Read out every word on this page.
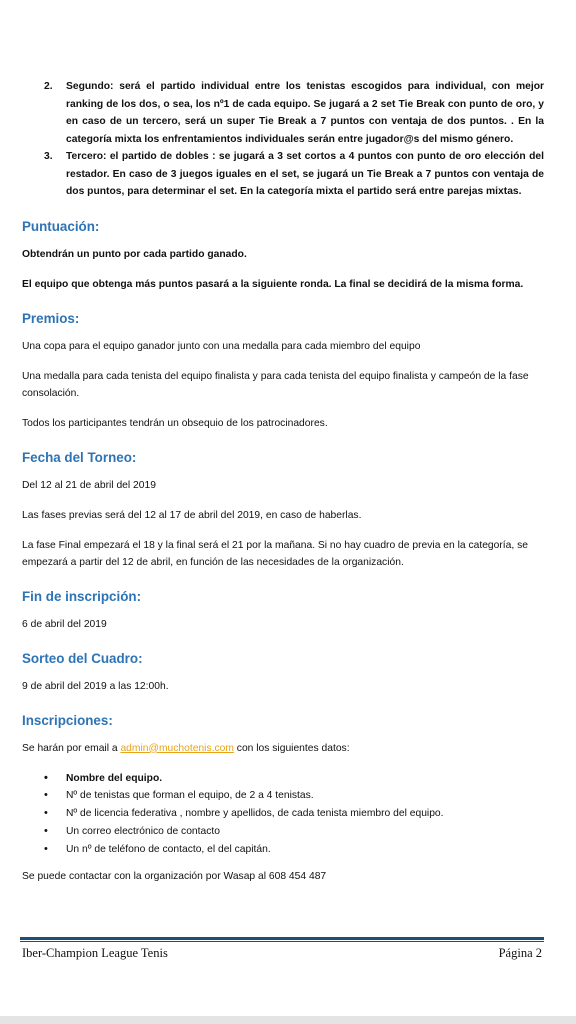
2. Segundo: será el partido individual entre los tenistas escogidos para individual, con mejor ranking de los dos, o sea, los nº1 de cada equipo. Se jugará a 2 set Tie Break con punto de oro, y en caso de un tercero, será un super Tie Break a 7 puntos con ventaja de dos puntos. . En la categoría mixta los enfrentamientos individuales serán entre jugador@s del mismo género.
3. Tercero: el partido de dobles : se jugará a 3 set cortos a 4 puntos con punto de oro elección del restador. En caso de 3 juegos iguales en el set, se jugará un Tie Break a 7 puntos con ventaja de dos puntos, para determinar el set. En la categoría mixta el partido será entre parejas mixtas.
Puntuación:

Obtendrán un punto por cada partido ganado.

El equipo que obtenga más puntos pasará a la siguiente ronda. La final se decidirá de la misma forma.

Premios:

Una copa para el equipo ganador junto con una medalla para cada miembro del equipo

Una medalla para cada tenista del equipo finalista y para cada tenista del equipo finalista y campeón de la fase consolación.

Todos los participantes tendrán un obsequio de los patrocinadores.

Fecha del Torneo:

Del 12 al 21 de abril del 2019

Las fases previas será del 12 al 17 de abril del 2019, en caso de haberlas.

La fase Final empezará el 18 y la final será el 21 por la mañana. Si no hay cuadro de previa en la categoría, se empezará a partir del 12 de abril, en función de las necesidades de la organización.

Fin de inscripción:

6 de abril del 2019

Sorteo del Cuadro:

9 de abril del 2019 a las 12:00h.

Inscripciones:

Se harán por email a admin@muchotenis.com con los siguientes datos:

• Nombre del equipo.
• Nº de tenistas que forman el equipo, de 2 a 4 tenistas.
• Nº de licencia federativa , nombre y apellidos, de cada tenista miembro del equipo.
• Un correo electrónico de contacto
• Un nº de teléfono de contacto, el del capitán.

Se puede contactar con la organización por Wasap al 608 454 487

Iber-Champion League Tenis	Página 2
